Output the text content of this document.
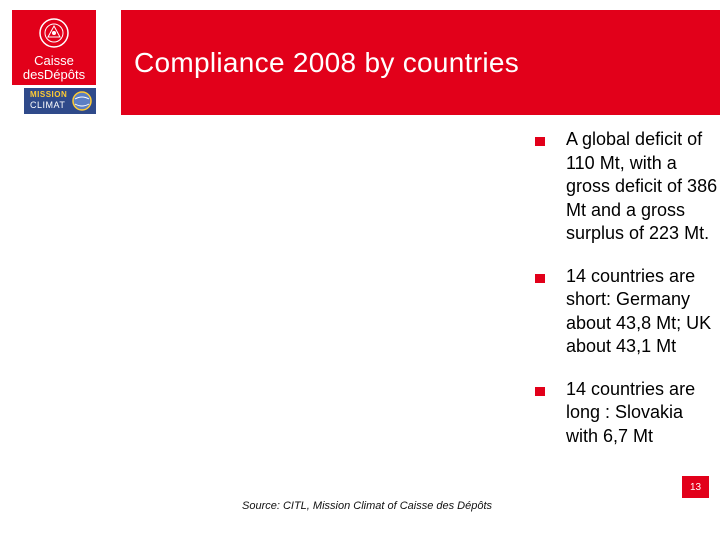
Caisse
desDépôts
MISSION
CLIMAT
Compliance 2008 by countries
A global deficit of 110 Mt, with a gross deficit of 386 Mt and a gross surplus of 223 Mt.
14 countries are short: Germany about 43,8 Mt; UK about 43,1 Mt
14 countries are long : Slovakia with 6,7 Mt
Source: CITL, Mission Climat of Caisse des Dépôts
13
